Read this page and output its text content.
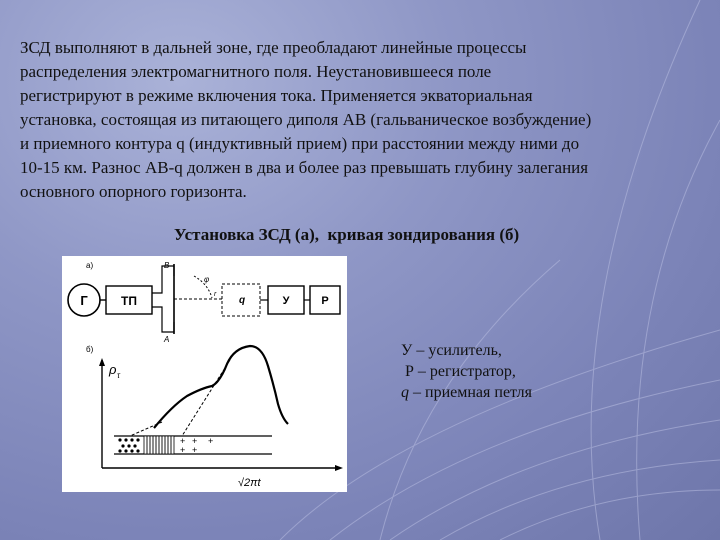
ЗСД выполняют в дальней зоне, где преобладают линейные процессы
распределения электромагнитного поля. Неустановившееся поле
регистрируют в режиме включения тока. Применяется экваториальная
установка, состоящая из питающего диполя AB (гальваническое возбуждение)
и приемного контура q (индуктивный прием) при расстоянии между ними до
10-15 км. Разнос AB-q должен в два и более раз превышать глубину залегания
основного опорного горизонта.
Установка ЗСД (а),  кривая зондирования (б)
а)
Г	ТП
B
A
φ
r
q	У	Р
б)
ρ τ
+ + +
+ +
√2πt
У – усилитель,
Р – регистратор,
q – приемная петля
